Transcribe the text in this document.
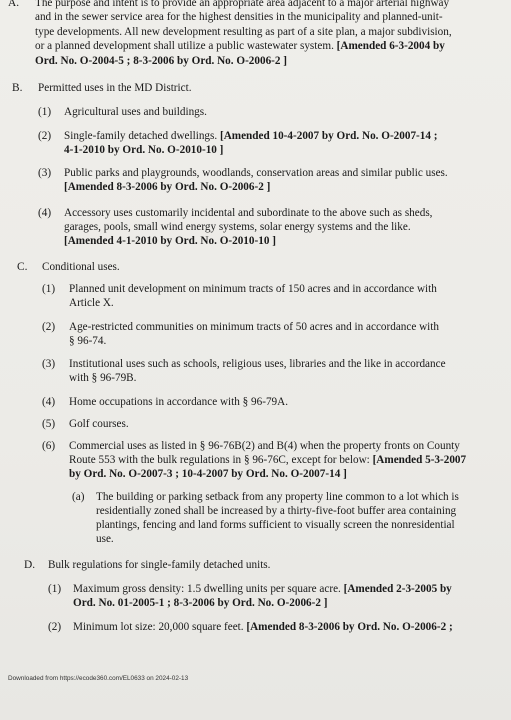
A. The purpose and intent is to provide an appropriate area adjacent to a major arterial highway
and in the sewer service area for the highest densities in the municipality and planned-unit-
type developments. All new development resulting as part of a site plan, a major subdivision,
or a planned development shall utilize a public wastewater system. [Amended 6-3-2004 by
Ord. No. O-2004-5 ; 8-3-2006 by Ord. No. O-2006-2 ]
B. Permitted uses in the MD District.
(1) Agricultural uses and buildings.
(2) Single-family detached dwellings. [Amended 10-4-2007 by Ord. No. O-2007-14 ;
4-1-2010 by Ord. No. O-2010-10 ]
(3) Public parks and playgrounds, woodlands, conservation areas and similar public uses.
[Amended 8-3-2006 by Ord. No. O-2006-2 ]
(4) Accessory uses customarily incidental and subordinate to the above such as sheds,
garages, pools, small wind energy systems, solar energy systems and the like.
[Amended 4-1-2010 by Ord. No. O-2010-10 ]
C. Conditional uses.
(1) Planned unit development on minimum tracts of 150 acres and in accordance with
Article X.
(2) Age-restricted communities on minimum tracts of 50 acres and in accordance with
§ 96-74.
(3) Institutional uses such as schools, religious uses, libraries and the like in accordance
with § 96-79B.
(4) Home occupations in accordance with § 96-79A.
(5) Golf courses.
(6) Commercial uses as listed in § 96-76B(2) and B(4) when the property fronts on County
Route 553 with the bulk regulations in § 96-76C, except for below: [Amended 5-3-2007
by Ord. No. O-2007-3 ; 10-4-2007 by Ord. No. O-2007-14 ]
(a) The building or parking setback from any property line common to a lot which is
residentially zoned shall be increased by a thirty-five-foot buffer area containing
plantings, fencing and land forms sufficient to visually screen the nonresidential
use.
D. Bulk regulations for single-family detached units.
(1) Maximum gross density: 1.5 dwelling units per square acre. [Amended 2-3-2005 by
Ord. No. 01-2005-1 ; 8-3-2006 by Ord. No. O-2006-2 ]
(2) Minimum lot size: 20,000 square feet. [Amended 8-3-2006 by Ord. No. O-2006-2 ;
Downloaded from https://ecode360.com/EL0633 on 2024-02-13
